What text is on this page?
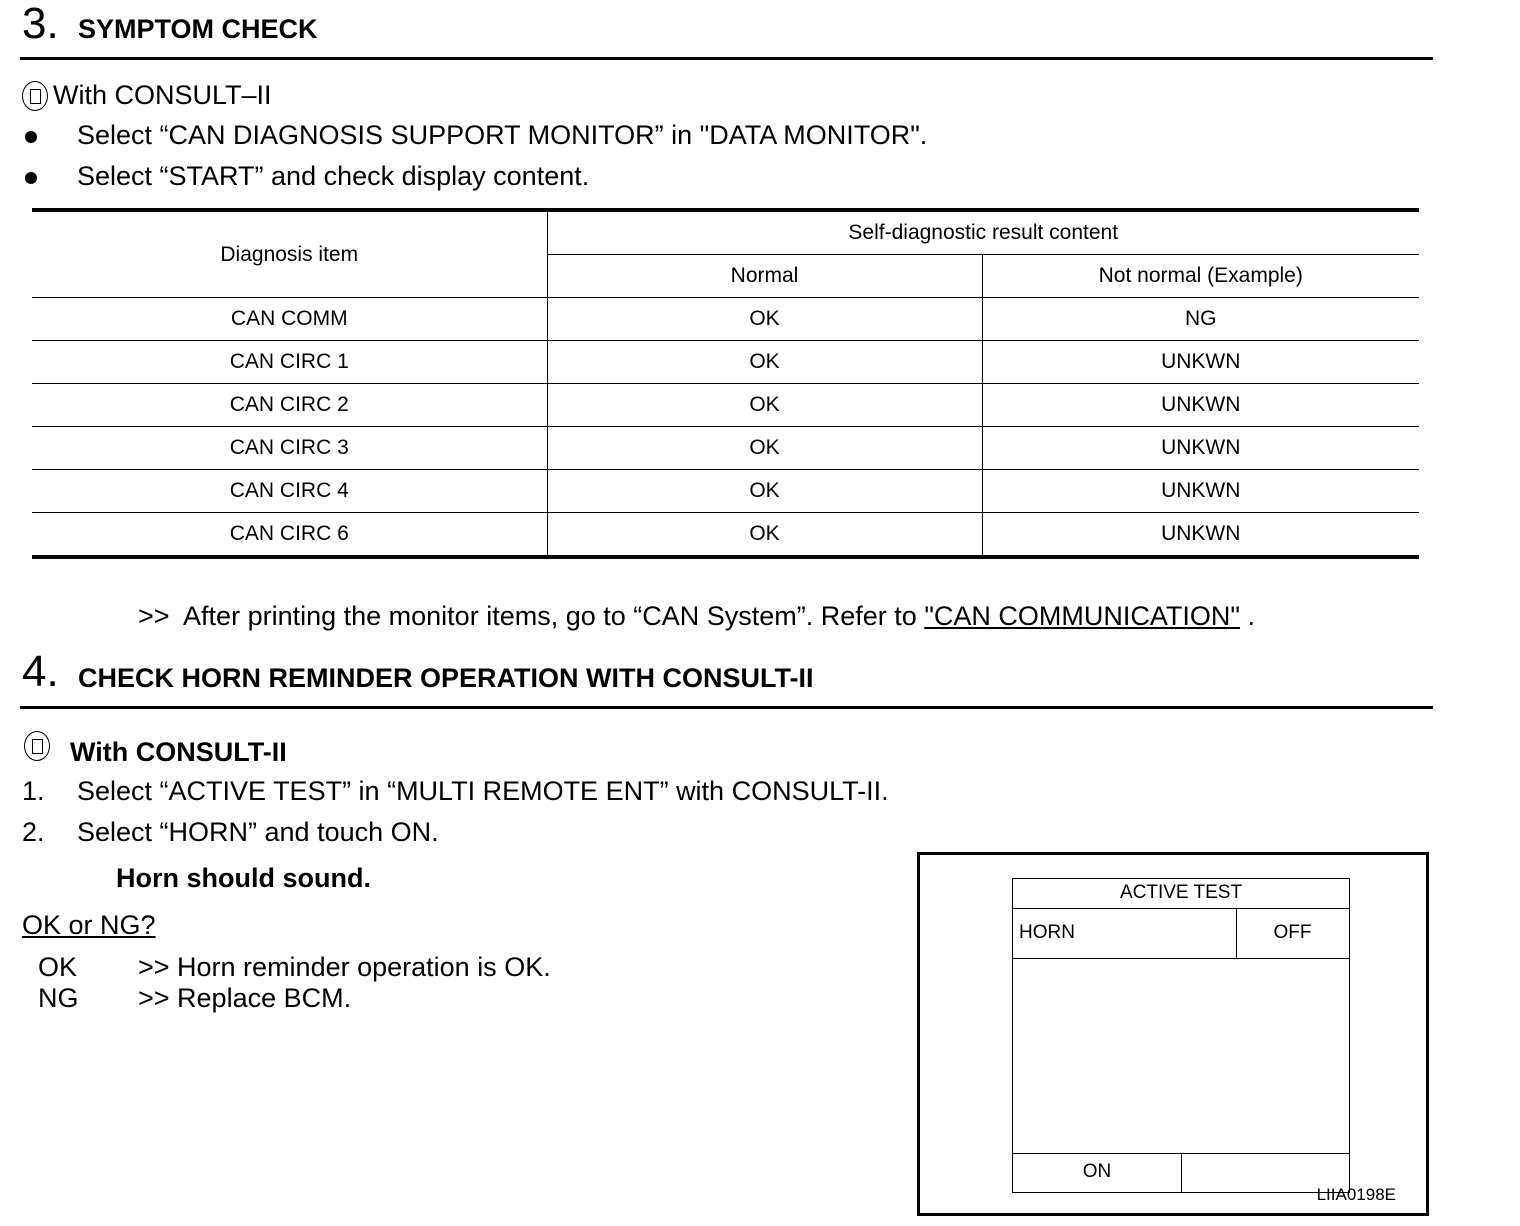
3. SYMPTOM CHECK
With CONSULT–II
Select “CAN DIAGNOSIS SUPPORT MONITOR” in "DATA MONITOR".
Select “START” and check display content.
Diagnosis item	Self-diagnostic result content	
	Normal	Not normal (Example)
CAN COMM	OK	NG
CAN CIRC 1	OK	UNKWN
CAN CIRC 2	OK	UNKWN
CAN CIRC 3	OK	UNKWN
CAN CIRC 4	OK	UNKWN
CAN CIRC 6	OK	UNKWN
>>  After printing the monitor items, go to “CAN System”. Refer to "CAN COMMUNICATION" .
4. CHECK HORN REMINDER OPERATION WITH CONSULT-II
With CONSULT-II
1. Select “ACTIVE TEST” in “MULTI REMOTE ENT” with CONSULT-II.
2. Select “HORN” and touch ON.
Horn should sound.
OK or NG?
OK >> Horn reminder operation is OK.
NG >> Replace BCM.
ACTIVE TEST
HORN	OFF
ON
LIIA0198E
